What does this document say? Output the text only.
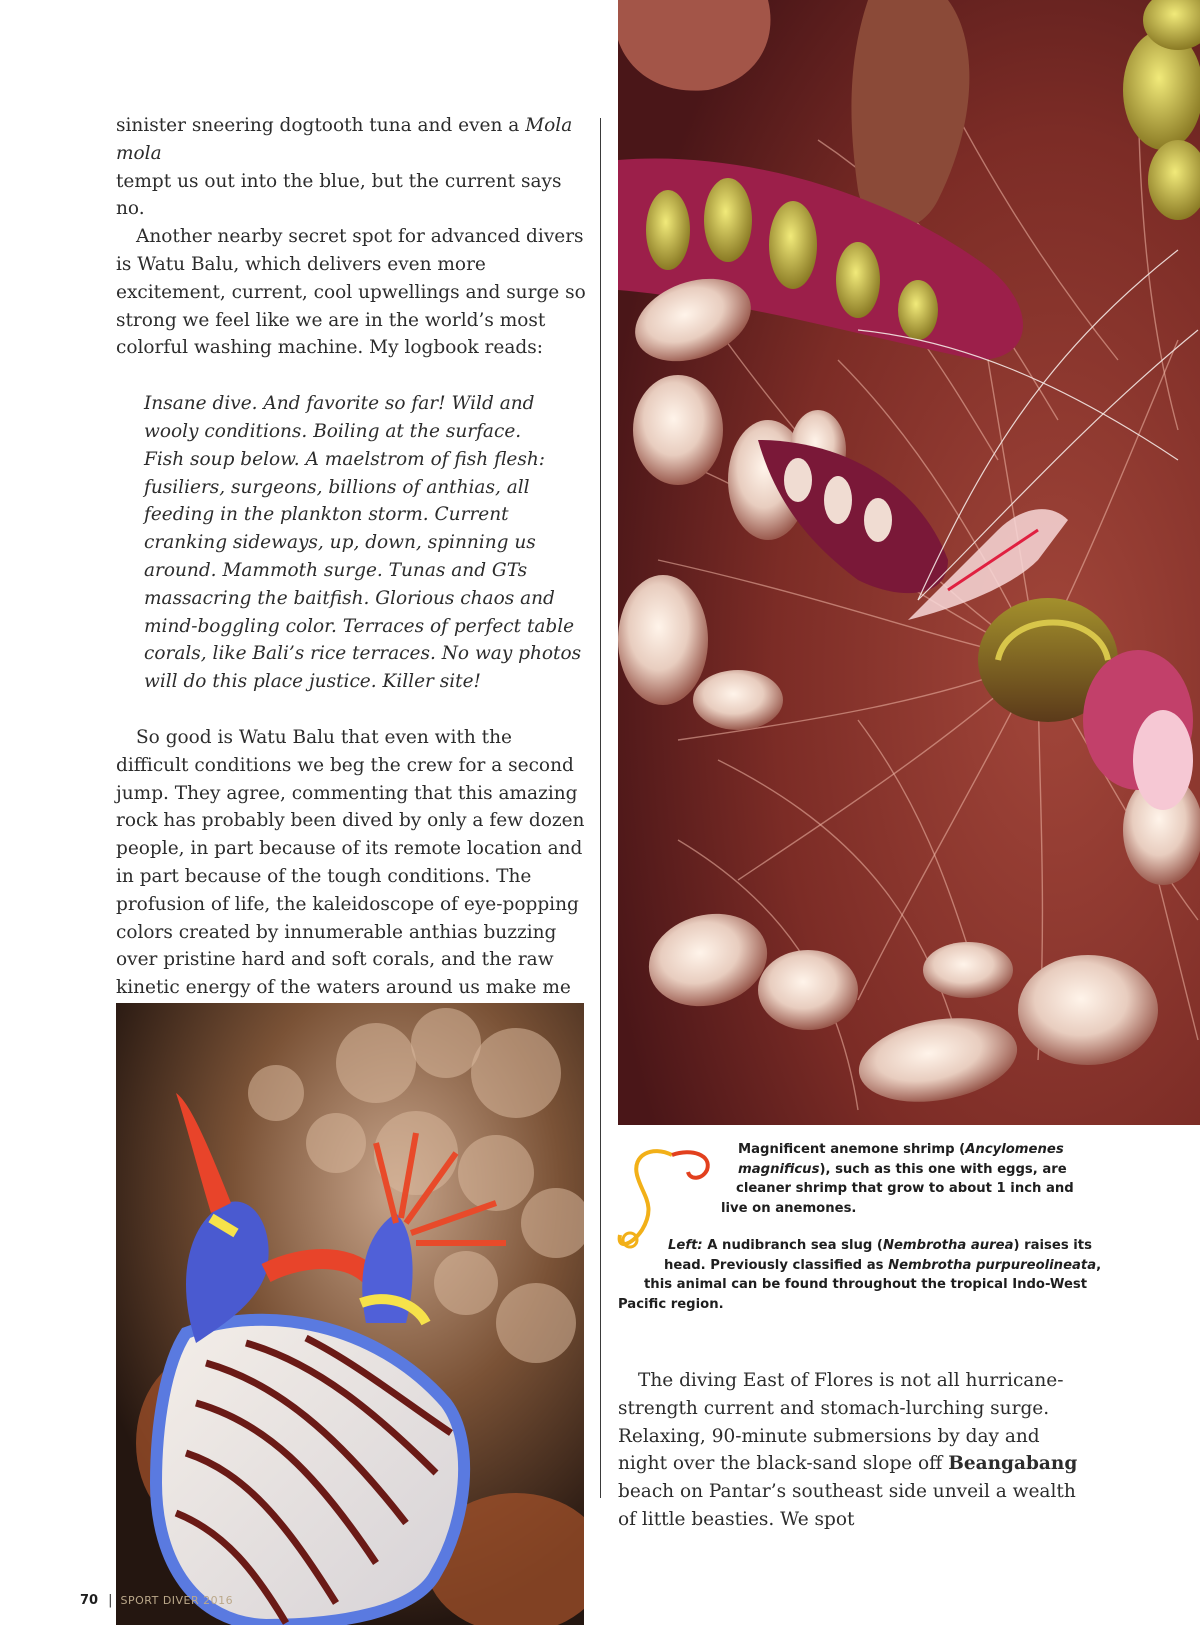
sinister sneering dogtooth tuna and even a Mola mola
tempt us out into the blue, but the current says no.

Another nearby secret spot for advanced divers is Watu Balu, which delivers even more excitement, current, cool upwellings and surge so strong we feel like we are in the world’s most colorful washing machine. My logbook reads:

Insane dive. And favorite so far! Wild and
wooly conditions. Boiling at the surface.
Fish soup below. A maelstrom of fish flesh:
fusiliers, surgeons, billions of anthias, all
feeding in the plankton storm. Current
cranking sideways, up, down, spinning us
around. Mammoth surge. Tunas and GTs
massacring the baitfish. Glorious chaos and
mind-boggling color. Terraces of perfect table
corals, like Bali’s rice terraces. No way photos
will do this place justice. Killer site!

So good is Watu Balu that even with the difficult conditions we beg the crew for a second jump. They agree, commenting that this amazing rock has probably been dived by only a few dozen people, in part because of its remote location and in part because of the tough conditions. The profusion of life, the kaleidoscope of eye-popping colors created by innumerable anthias buzzing over pristine hard and soft corals, and the raw kinetic energy of the waters around us make me

Magnificent anemone shrimp (Ancylomenes
magnificus), such as this one with eggs, are
cleaner shrimp that grow to about 1 inch and
live on anemones.
Left: A nudibranch sea slug (Nembrotha aurea) raises its
head. Previously classified as Nembrotha purpureolineata,
this animal can be found throughout the tropical Indo-West
Pacific region.

The diving East of Flores is not all hurricane-strength current and stomach-lurching surge. Relaxing, 90-minute submersions by day and night over the black-sand slope off Beangabang beach on Pantar’s southeast side unveil a wealth of little beasties. We spot

70 | SPORT DIVER 2016
